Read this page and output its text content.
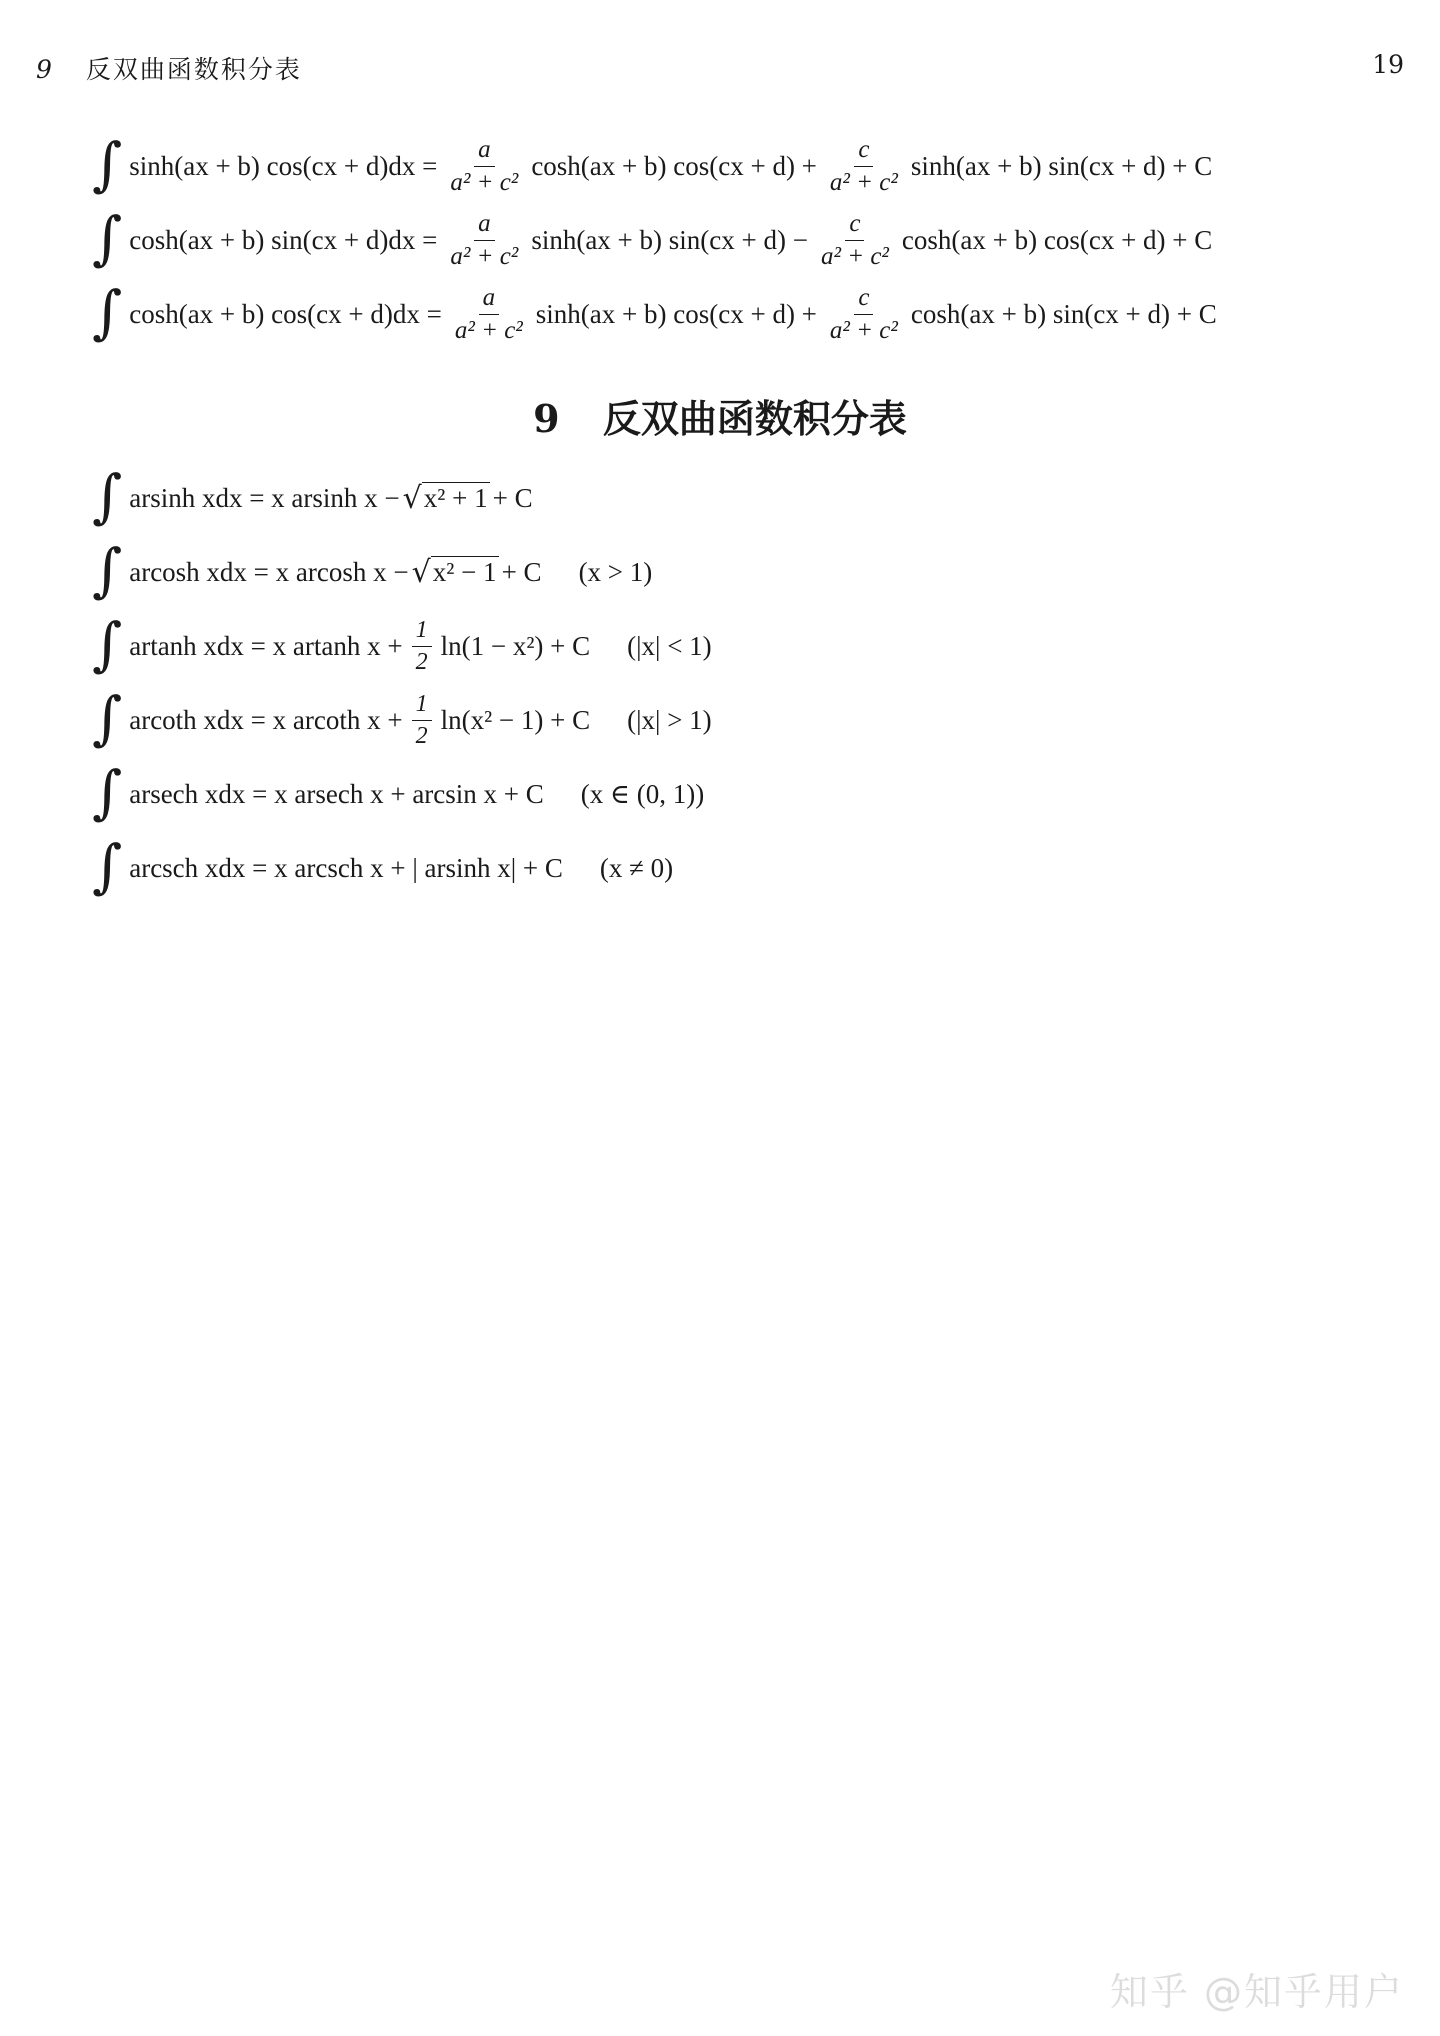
9 反双曲函数积分表	19
∫ sinh(ax + b) $\cos(cx + d)dx = \frac{a}{\text{a² + c²}} \cosh(ax + b) \cos(cx + d) + \frac{c}{\text{a² + c²}} \sinh(ax + b) \sin(cx + d) + C$
∫ cosh(ax + b) $\sin(cx + d)dx = \frac{a}{\text{a² + c²}} \sinh(ax + b) \sin(cx + d) - \frac{c}{\text{a² + c²}} \cosh(ax + b) \cos(cx + d) + C$
∫ cosh(ax + b) $\cos(cx + d)dx = \frac{a}{\text{a² + c²}} \sinh(ax + b) \cos(cx + d) + \frac{c}{\text{a² + c²}} \cosh(ax + b) \sin(cx + d) + C$
9 反双曲函数积分表
∫ arsinh xdx = x arsinh x − √ x² + 1 + C
∫ arcosh xdx = x arcosh x − √ x² − 1 + C (x > 1)
∫ artanh xdx = x artanh $x + \frac{1}{2} \ln(1 - x^2) + C$ (|x| < 1)
∫ arcoth xdx = x arcoth $x + \frac{1}{2} \ln(x^2 - 1) + C$ (|x| > 1)
∫ arsech xdx = x arsech x + arcsin x + C (x ∈ (0, 1))
∫ arcsch xdx = x arcsch x + | arsinh x| + C (x ≠ 0)
知乎 @知乎用户
